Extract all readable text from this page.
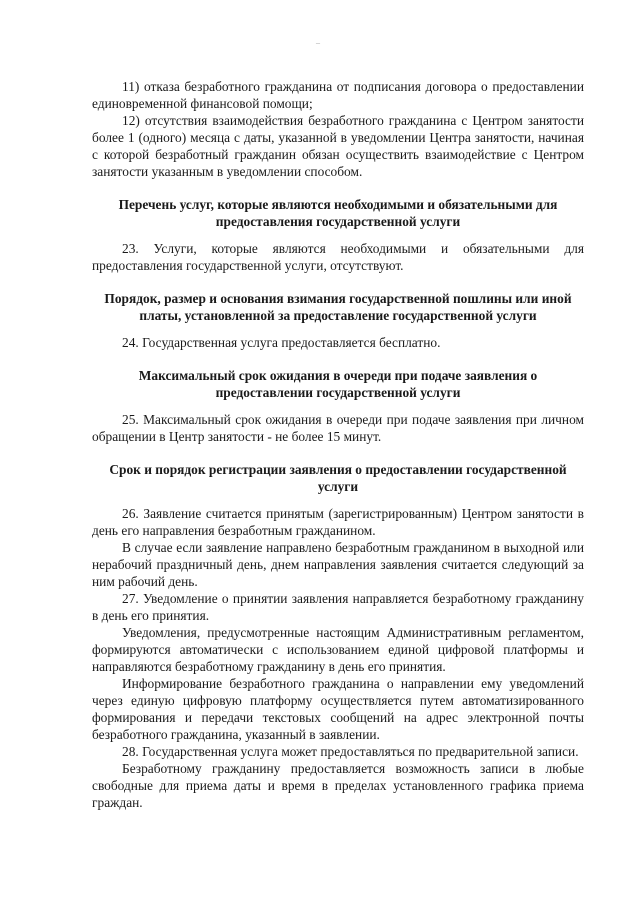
_

11) отказа безработного гражданина от подписания договора о предоставлении единовременной финансовой помощи;

12) отсутствия взаимодействия безработного гражданина с Центром занятости более 1 (одного) месяца с даты, указанной в уведомлении Центра занятости, начиная с которой безработный гражданин обязан осуществить взаимодействие с Центром занятости указанным в уведомлении способом.

Перечень услуг, которые являются необходимыми и обязательными для предоставления государственной услуги

23. Услуги, которые являются необходимыми и обязательными для предоставления государственной услуги, отсутствуют.

Порядок, размер и основания взимания государственной пошлины или иной платы, установленной за предоставление государственной услуги

24. Государственная услуга предоставляется бесплатно.

Максимальный срок ожидания в очереди при подаче заявления о предоставлении государственной услуги

25. Максимальный срок ожидания в очереди при подаче заявления при личном обращении в Центр занятости - не более 15 минут.

Срок и порядок регистрации заявления о предоставлении государственной услуги

26. Заявление считается принятым (зарегистрированным) Центром занятости в день его направления безработным гражданином.

В случае если заявление направлено безработным гражданином в выходной или нерабочий праздничный день, днем направления заявления считается следующий за ним рабочий день.

27. Уведомление о принятии заявления направляется безработному гражданину в день его принятия.

Уведомления, предусмотренные настоящим Административным регламентом, формируются автоматически с использованием единой цифровой платформы и направляются безработному гражданину в день его принятия.

Информирование безработного гражданина о направлении ему уведомлений через единую цифровую платформу осуществляется путем автоматизированного формирования и передачи текстовых сообщений на адрес электронной почты безработного гражданина, указанный в заявлении.

28. Государственная услуга может предоставляться по предварительной записи.

Безработному гражданину предоставляется возможность записи в любые свободные для приема даты и время в пределах установленного графика приема граждан.
